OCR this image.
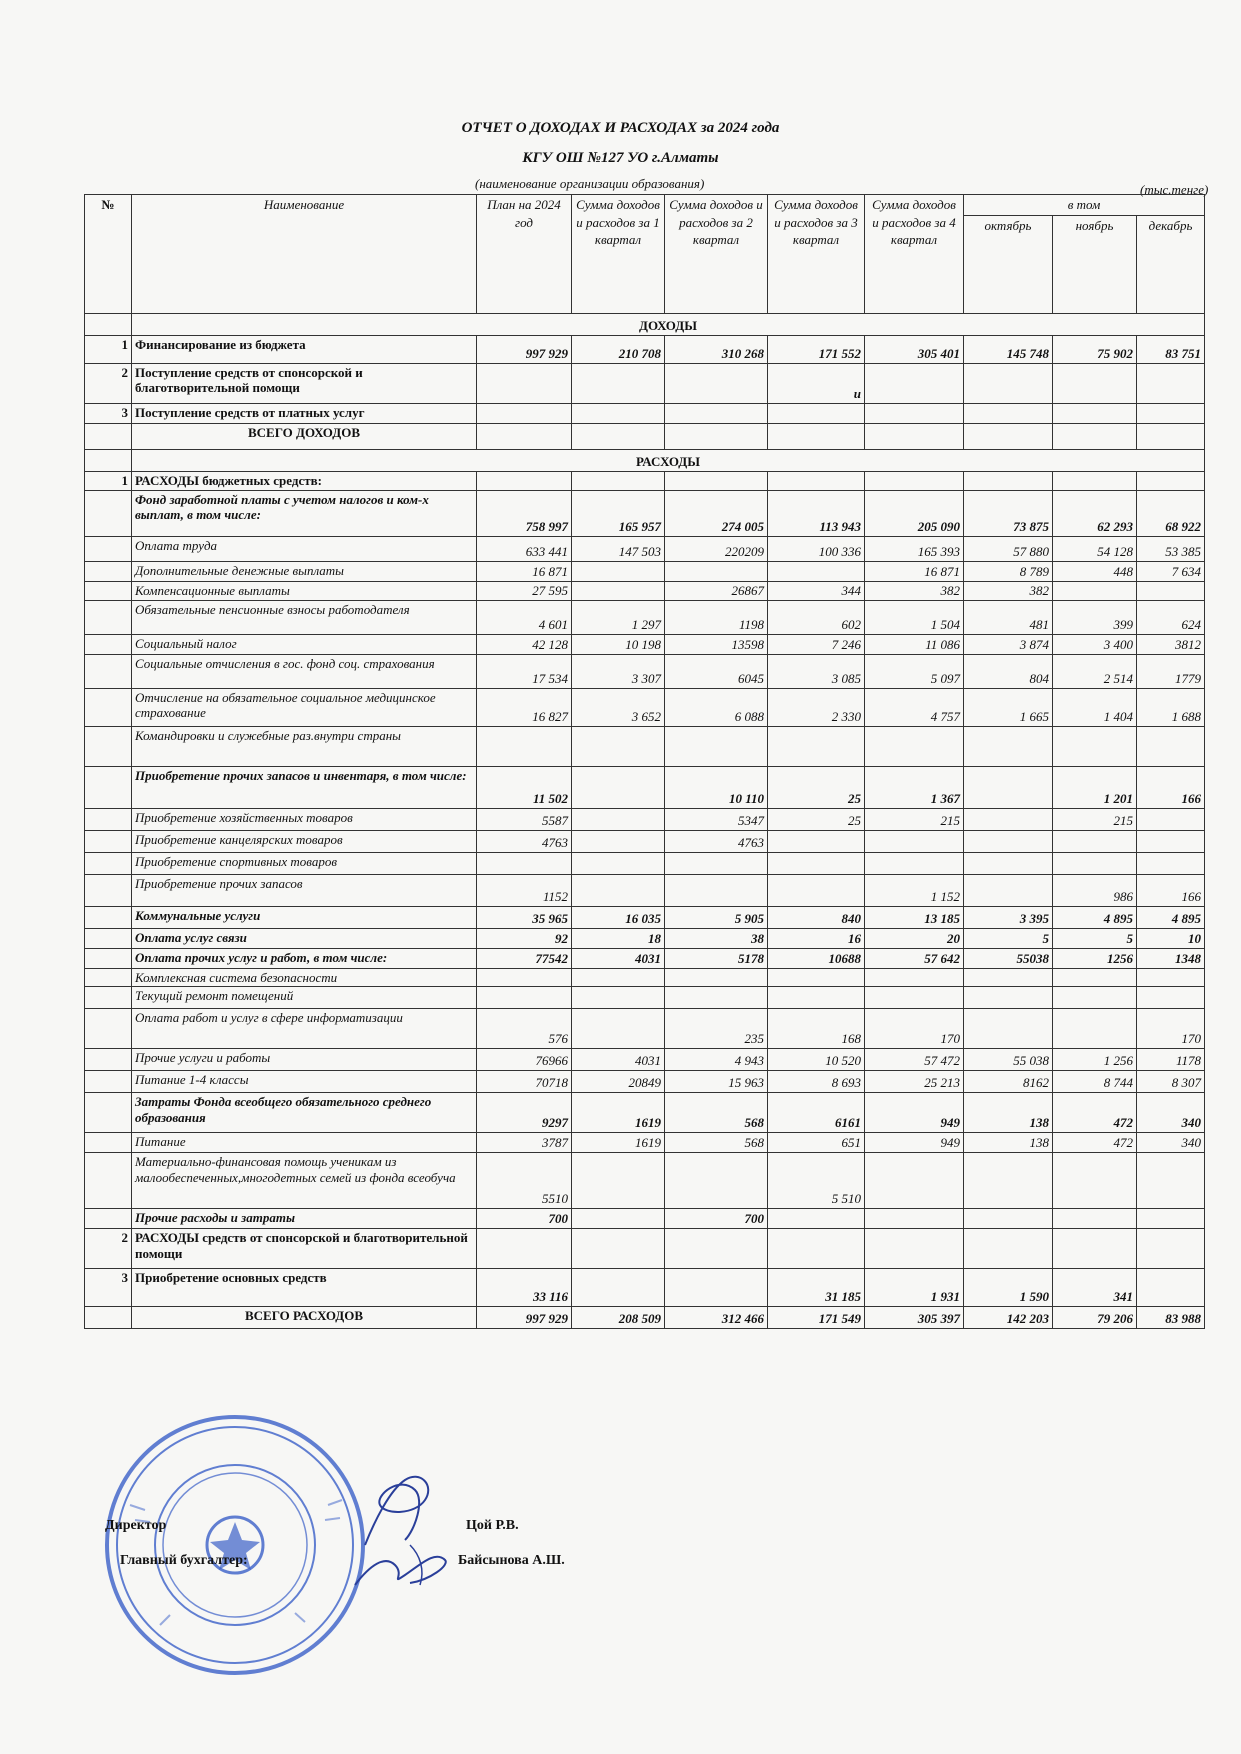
ОТЧЕТ О ДОХОДАХ И РАСХОДАХ за 2024 года
КГУ ОШ №127 УО г.Алматы
(наименование организации образования)	(тыс.тенге)
№	Наименование	План на 2024 год	Сумма доходов и расходов за 1 квартал	Сумма доходов и расходов за 2 квартал	Сумма доходов и расходов за 3 квартал	Сумма доходов и расходов за 4 квартал	в том		
							октябрь	ноябрь	декабрь
	ДОХОДЫ								
1	Финансирование из бюджета	997 929	210 708	310 268	171 552	305 401	145 748	75 902	83 751
2	Поступление средств от спонсорской и благотворительной помощи				и				
3	Поступление средств от платных услуг								
	ВСЕГО ДОХОДОВ								
	РАСХОДЫ								
1	РАСХОДЫ бюджетных средств:								
	Фонд заработной платы с учетом налогов и ком-х выплат, в том числе:	758 997	165 957	274 005	113 943	205 090	73 875	62 293	68 922
	Оплата труда	633 441	147 503	220209	100 336	165 393	57 880	54 128	53 385
	Дополнительные денежные выплаты	16 871				16 871	8 789	448	7 634
	Компенсационные выплаты	27 595		26867	344	382	382		
	Обязательные пенсионные взносы работодателя	4 601	1 297	1198	602	1 504	481	399	624
	Социальный налог	42 128	10 198	13598	7 246	11 086	3 874	3 400	3812
	Социальные отчисления в гос. фонд соц. страхования	17 534	3 307	6045	3 085	5 097	804	2 514	1779
	Отчисление на обязательное социальное медицинское страхование	16 827	3 652	6 088	2 330	4 757	1 665	1 404	1 688
	Командировки и служебные раз.внутри страны								
	Приобретение прочих запасов и инвентаря, в том числе:	11 502		10 110	25	1 367		1 201	166
	Приобретение хозяйственных товаров	5587		5347	25	215		215	
	Приобретение канцелярских товаров	4763		4763					
	Приобретение спортивных товаров								
	Приобретение прочих запасов	1152				1 152		986	166
	Коммунальные услуги	35 965	16 035	5 905	840	13 185	3 395	4 895	4 895
	Оплата услуг связи	92	18	38	16	20	5	5	10
	Оплата прочих услуг и работ, в том числе:	77542	4031	5178	10688	57 642	55038	1256	1348
	Комплексная система безопасности								
	Текущий ремонт помещений								
	Оплата работ и услуг в сфере информатизации	576		235	168	170			170
	Прочие услуги и работы	76966	4031	4 943	10 520	57 472	55 038	1 256	1178
	Питание 1-4 классы	70718	20849	15 963	8 693	25 213	8162	8 744	8 307
	Затраты Фонда всеобщего обязательного среднего образования	9297	1619	568	6161	949	138	472	340
	Питание	3787	1619	568	651	949	138	472	340
	Материально-финансовая помощь ученикам из малообеспеченных,многодетных семей из фонда всеобуча	5510			5 510				
	Прочие расходы и затраты	700		700					
2	РАСХОДЫ средств от спонсорской и благотворительной помощи								
3	Приобретение основных средств	33 116			31 185	1 931	1 590	341	
	ВСЕГО РАСХОДОВ	997 929	208 509	312 466	171 549	305 397	142 203	79 206	83 988
Директор	Цой Р.В.
Главный бухгалтер:	Байсынова А.Ш.
